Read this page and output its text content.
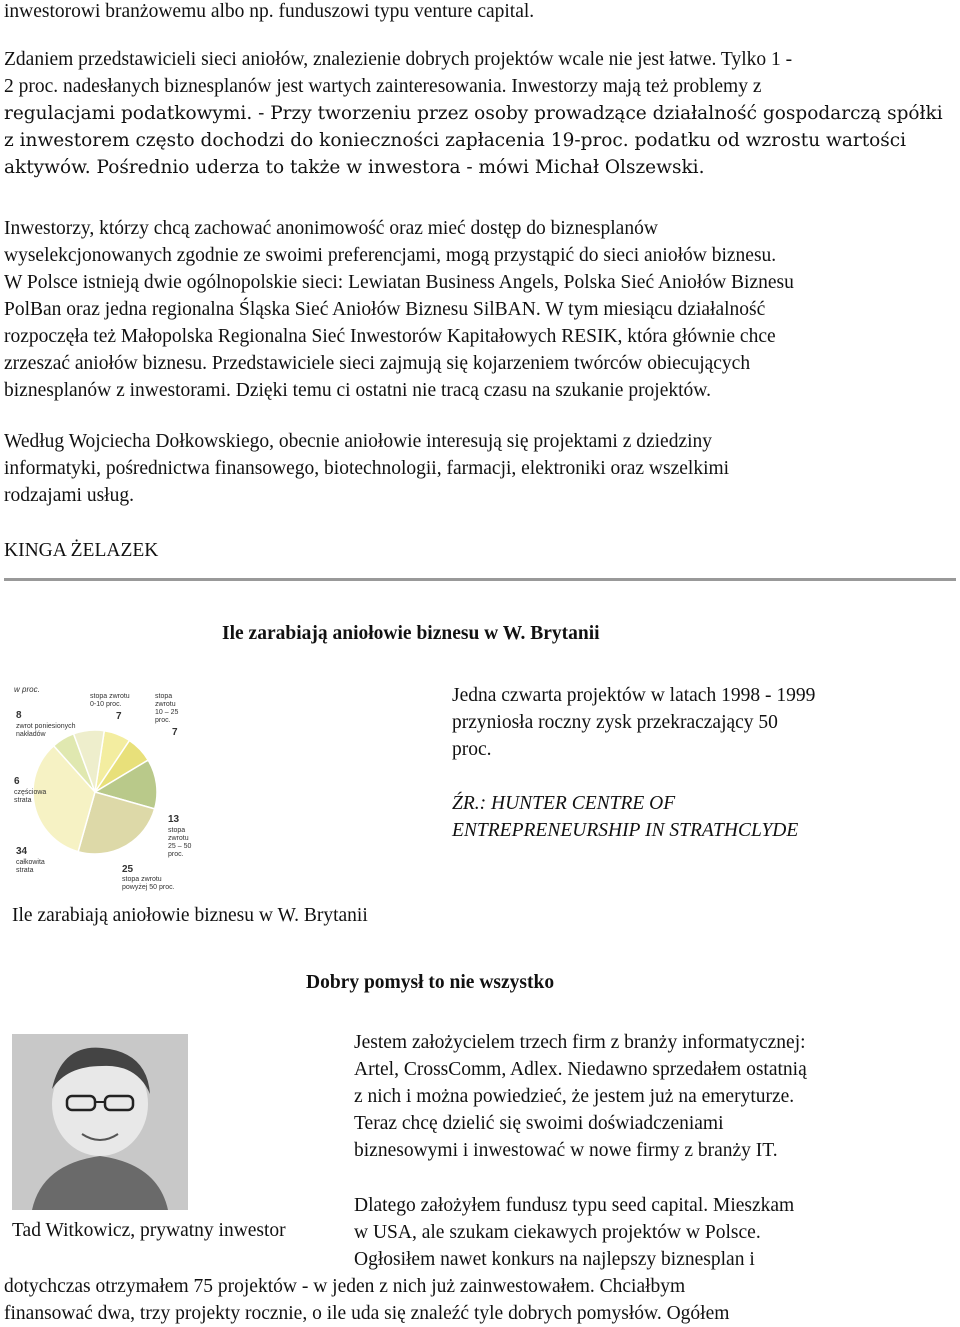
inwestorowi branżowemu albo np. funduszowi typu venture capital.
Zdaniem przedstawicieli sieci aniołów, znalezienie dobrych projektów wcale nie jest łatwe. Tylko 1 -
2 proc. nadesłanych biznesplanów jest wartych zainteresowania. Inwestorzy mają też problemy z
regulacjami podatkowymi. - Przy tworzeniu przez osoby prowadzące działalność gospodarczą spółki
z inwestorem często dochodzi do konieczności zapłacenia 19-proc. podatku od wzrostu wartości
aktywów. Pośrednio uderza to także w inwestora - mówi Michał Olszewski.
Inwestorzy, którzy chcą zachować anonimowość oraz mieć dostęp do biznesplanów
wyselekcjonowanych zgodnie ze swoimi preferencjami, mogą przystąpić do sieci aniołów biznesu.
W Polsce istnieją dwie ogólnopolskie sieci: Lewiatan Business Angels, Polska Sieć Aniołów Biznesu
PolBan oraz jedna regionalna Śląska Sieć Aniołów Biznesu SilBAN. W tym miesiącu działalność
rozpoczęła też Małopolska Regionalna Sieć Inwestorów Kapitałowych RESIK, która głównie chce
zrzeszać aniołów biznesu. Przedstawiciele sieci zajmują się kojarzeniem twórców obiecujących
biznesplanów z inwestorami. Dzięki temu ci ostatni nie tracą czasu na szukanie projektów.
Według Wojciecha Dołkowskiego, obecnie aniołowie interesują się projektami z dziedziny
informatyki, pośrednictwa finansowego, biotechnologii, farmacji, elektroniki oraz wszelkimi
rodzajami usług.
KINGA ŻELAZEK
Ile zarabiają aniołowie biznesu w W. Brytanii
w proc.
8
zwrot poniesionych
nakładów
stopa zwrotu
0-10 proc.
7
stopa
zwrotu
10 – 25
proc.
7
6
częściowa
strata
13
stopa
zwrotu
25 – 50
proc.
34
całkowita
strata	25
stopa zwrotu
powyżej 50 proc.
Jedna czwarta projektów w latach 1998 - 1999
przyniosła roczny zysk przekraczający 50
proc.
ŹR.: HUNTER CENTRE OF
ENTREPRENEURSHIP IN STRATHCLYDE
Ile zarabiają aniołowie biznesu w W. Brytanii
Dobry pomysł to nie wszystko
Tad Witkowicz, prywatny inwestor
Jestem założycielem trzech firm z branży informatycznej:
Artel, CrossComm, Adlex. Niedawno sprzedałem ostatnią
z nich i można powiedzieć, że jestem już na emeryturze.
Teraz chcę dzielić się swoimi doświadczeniami
biznesowymi i inwestować w nowe firmy z branży IT.
Dlatego założyłem fundusz typu seed capital. Mieszkam
w USA, ale szukam ciekawych projektów w Polsce.
Ogłosiłem nawet konkurs na najlepszy biznesplan i
dotychczas otrzymałem 75 projektów - w jeden z nich już zainwestowałem. Chciałbym
finansować dwa, trzy projekty rocznie, o ile uda się znaleźć tyle dobrych pomysłów. Ogółem
